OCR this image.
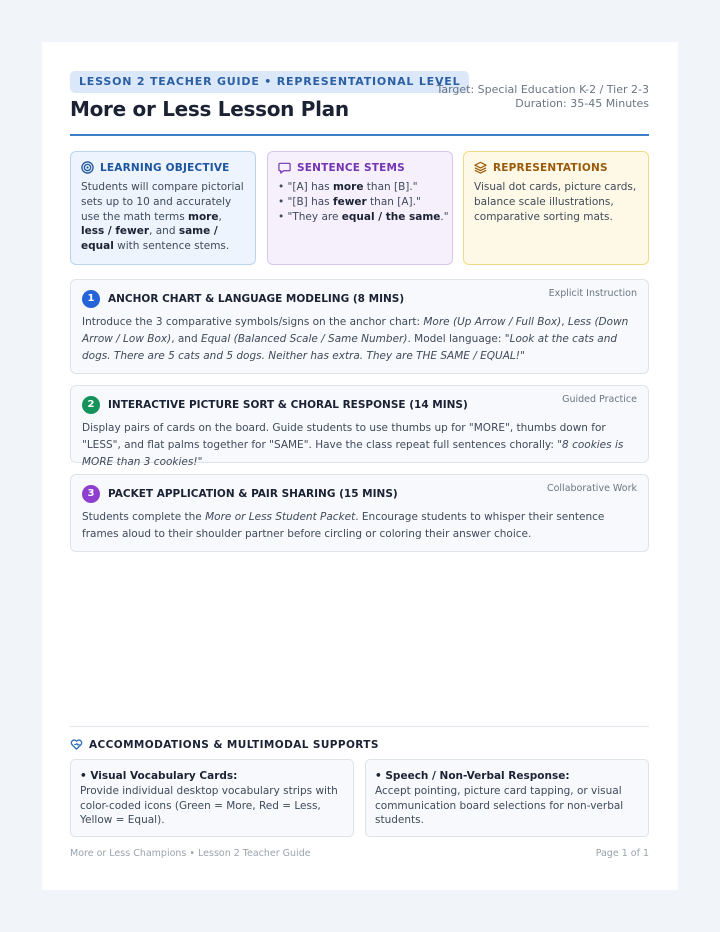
LESSON 2 TEACHER GUIDE • REPRESENTATIONAL LEVEL
More or Less Lesson Plan
Target: Special Education K-2 / Tier 2-3
Duration: 35-45 Minutes
LEARNING OBJECTIVE
Students will compare pictorial sets up to 10 and accurately use the math terms more, less / fewer, and same / equal with sentence stems.
SENTENCE STEMS
• "[A] has more than [B]."
• "[B] has fewer than [A]."
• "They are equal / the same."
REPRESENTATIONS
Visual dot cards, picture cards, balance scale illustrations, comparative sorting mats.
1	ANCHOR CHART & LANGUAGE MODELING (8 MINS)	Explicit Instruction
Introduce the 3 comparative symbols/signs on the anchor chart: More (Up Arrow / Full Box), Less (Down Arrow / Low Box), and Equal (Balanced Scale / Same Number). Model language: "Look at the cats and dogs. There are 5 cats and 5 dogs. Neither has extra. They are THE SAME / EQUAL!"
2	INTERACTIVE PICTURE SORT & CHORAL RESPONSE (14 MINS)	Guided Practice
Display pairs of cards on the board. Guide students to use thumbs up for "MORE", thumbs down for "LESS", and flat palms together for "SAME". Have the class repeat full sentences chorally: "8 cookies is MORE than 3 cookies!"
3	PACKET APPLICATION & PAIR SHARING (15 MINS)	Collaborative Work
Students complete the More or Less Student Packet. Encourage students to whisper their sentence frames aloud to their shoulder partner before circling or coloring their answer choice.
ACCOMMODATIONS & MULTIMODAL SUPPORTS
• Visual Vocabulary Cards:
Provide individual desktop vocabulary strips with color-coded icons (Green = More, Red = Less, Yellow = Equal).
• Speech / Non-Verbal Response:
Accept pointing, picture card tapping, or visual communication board selections for non-verbal students.
More or Less Champions • Lesson 2 Teacher Guide	Page 1 of 1
